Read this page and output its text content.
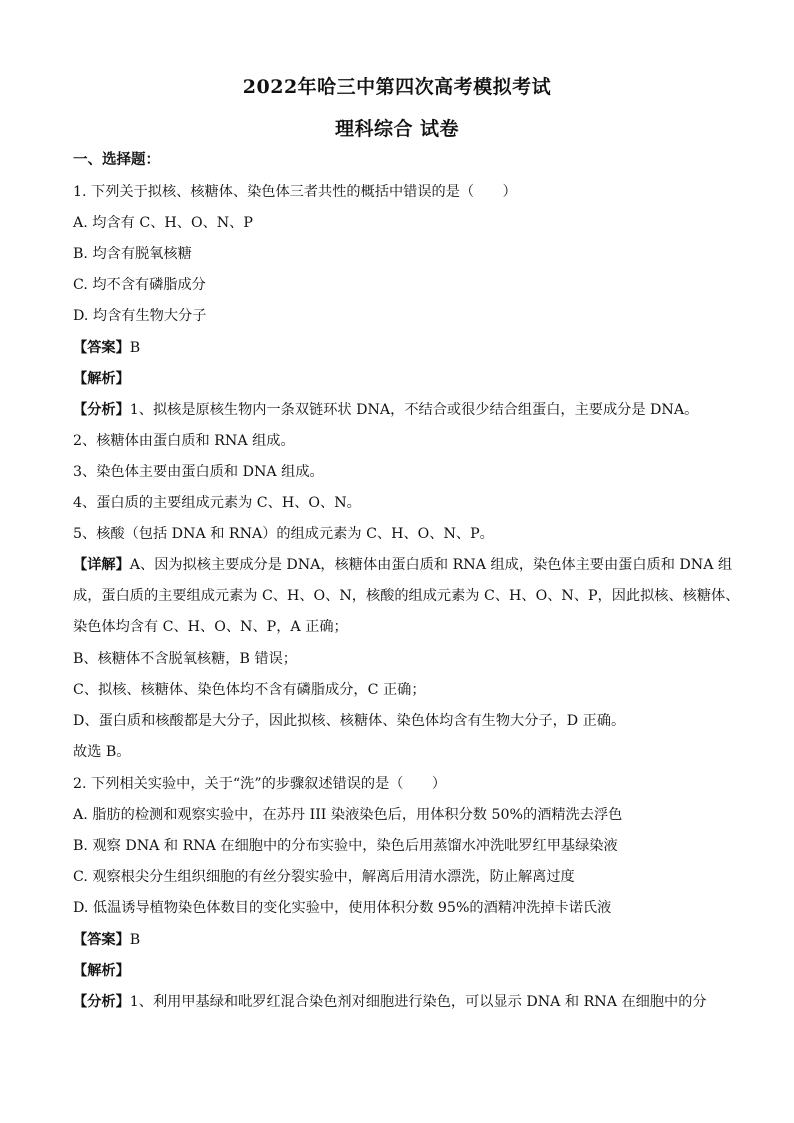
2022年哈三中第四次高考模拟考试
理科综合 试卷
一、选择题：
1. 下列关于拟核、核糖体、染色体三者共性的概括中错误的是（　　）
A. 均含有 C、H、O、N、P
B. 均含有脱氧核糖
C. 均不含有磷脂成分
D. 均含有生物大分子
【答案】B
【解析】
【分析】1、拟核是原核生物内一条双链环状 DNA，不结合或很少结合组蛋白，主要成分是 DNA。
2、核糖体由蛋白质和 RNA 组成。
3、染色体主要由蛋白质和 DNA 组成。
4、蛋白质的主要组成元素为 C、H、O、N。
5、核酸（包括 DNA 和 RNA）的组成元素为 C、H、O、N、P。
【详解】A、因为拟核主要成分是 DNA，核糖体由蛋白质和 RNA 组成，染色体主要由蛋白质和 DNA 组
成，蛋白质的主要组成元素为 C、H、O、N，核酸的组成元素为 C、H、O、N、P，因此拟核、核糖体、
染色体均含有 C、H、O、N、P，A 正确；
B、核糖体不含脱氧核糖，B 错误；
C、拟核、核糖体、染色体均不含有磷脂成分，C 正确；
D、蛋白质和核酸都是大分子，因此拟核、核糖体、染色体均含有生物大分子，D 正确。
故选 B。
2. 下列相关实验中，关于“洗”的步骤叙述错误的是（　　）
A. 脂肪的检测和观察实验中，在苏丹 III 染液染色后，用体积分数 50%的酒精洗去浮色
B. 观察 DNA 和 RNA 在细胞中的分布实验中，染色后用蒸馏水冲洗吡罗红甲基绿染液
C. 观察根尖分生组织细胞的有丝分裂实验中，解离后用清水漂洗，防止解离过度
D. 低温诱导植物染色体数目的变化实验中，使用体积分数 95%的酒精冲洗掉卡诺氏液
【答案】B
【解析】
【分析】1、利用甲基绿和吡罗红混合染色剂对细胞进行染色，可以显示 DNA 和 RNA 在细胞中的分
